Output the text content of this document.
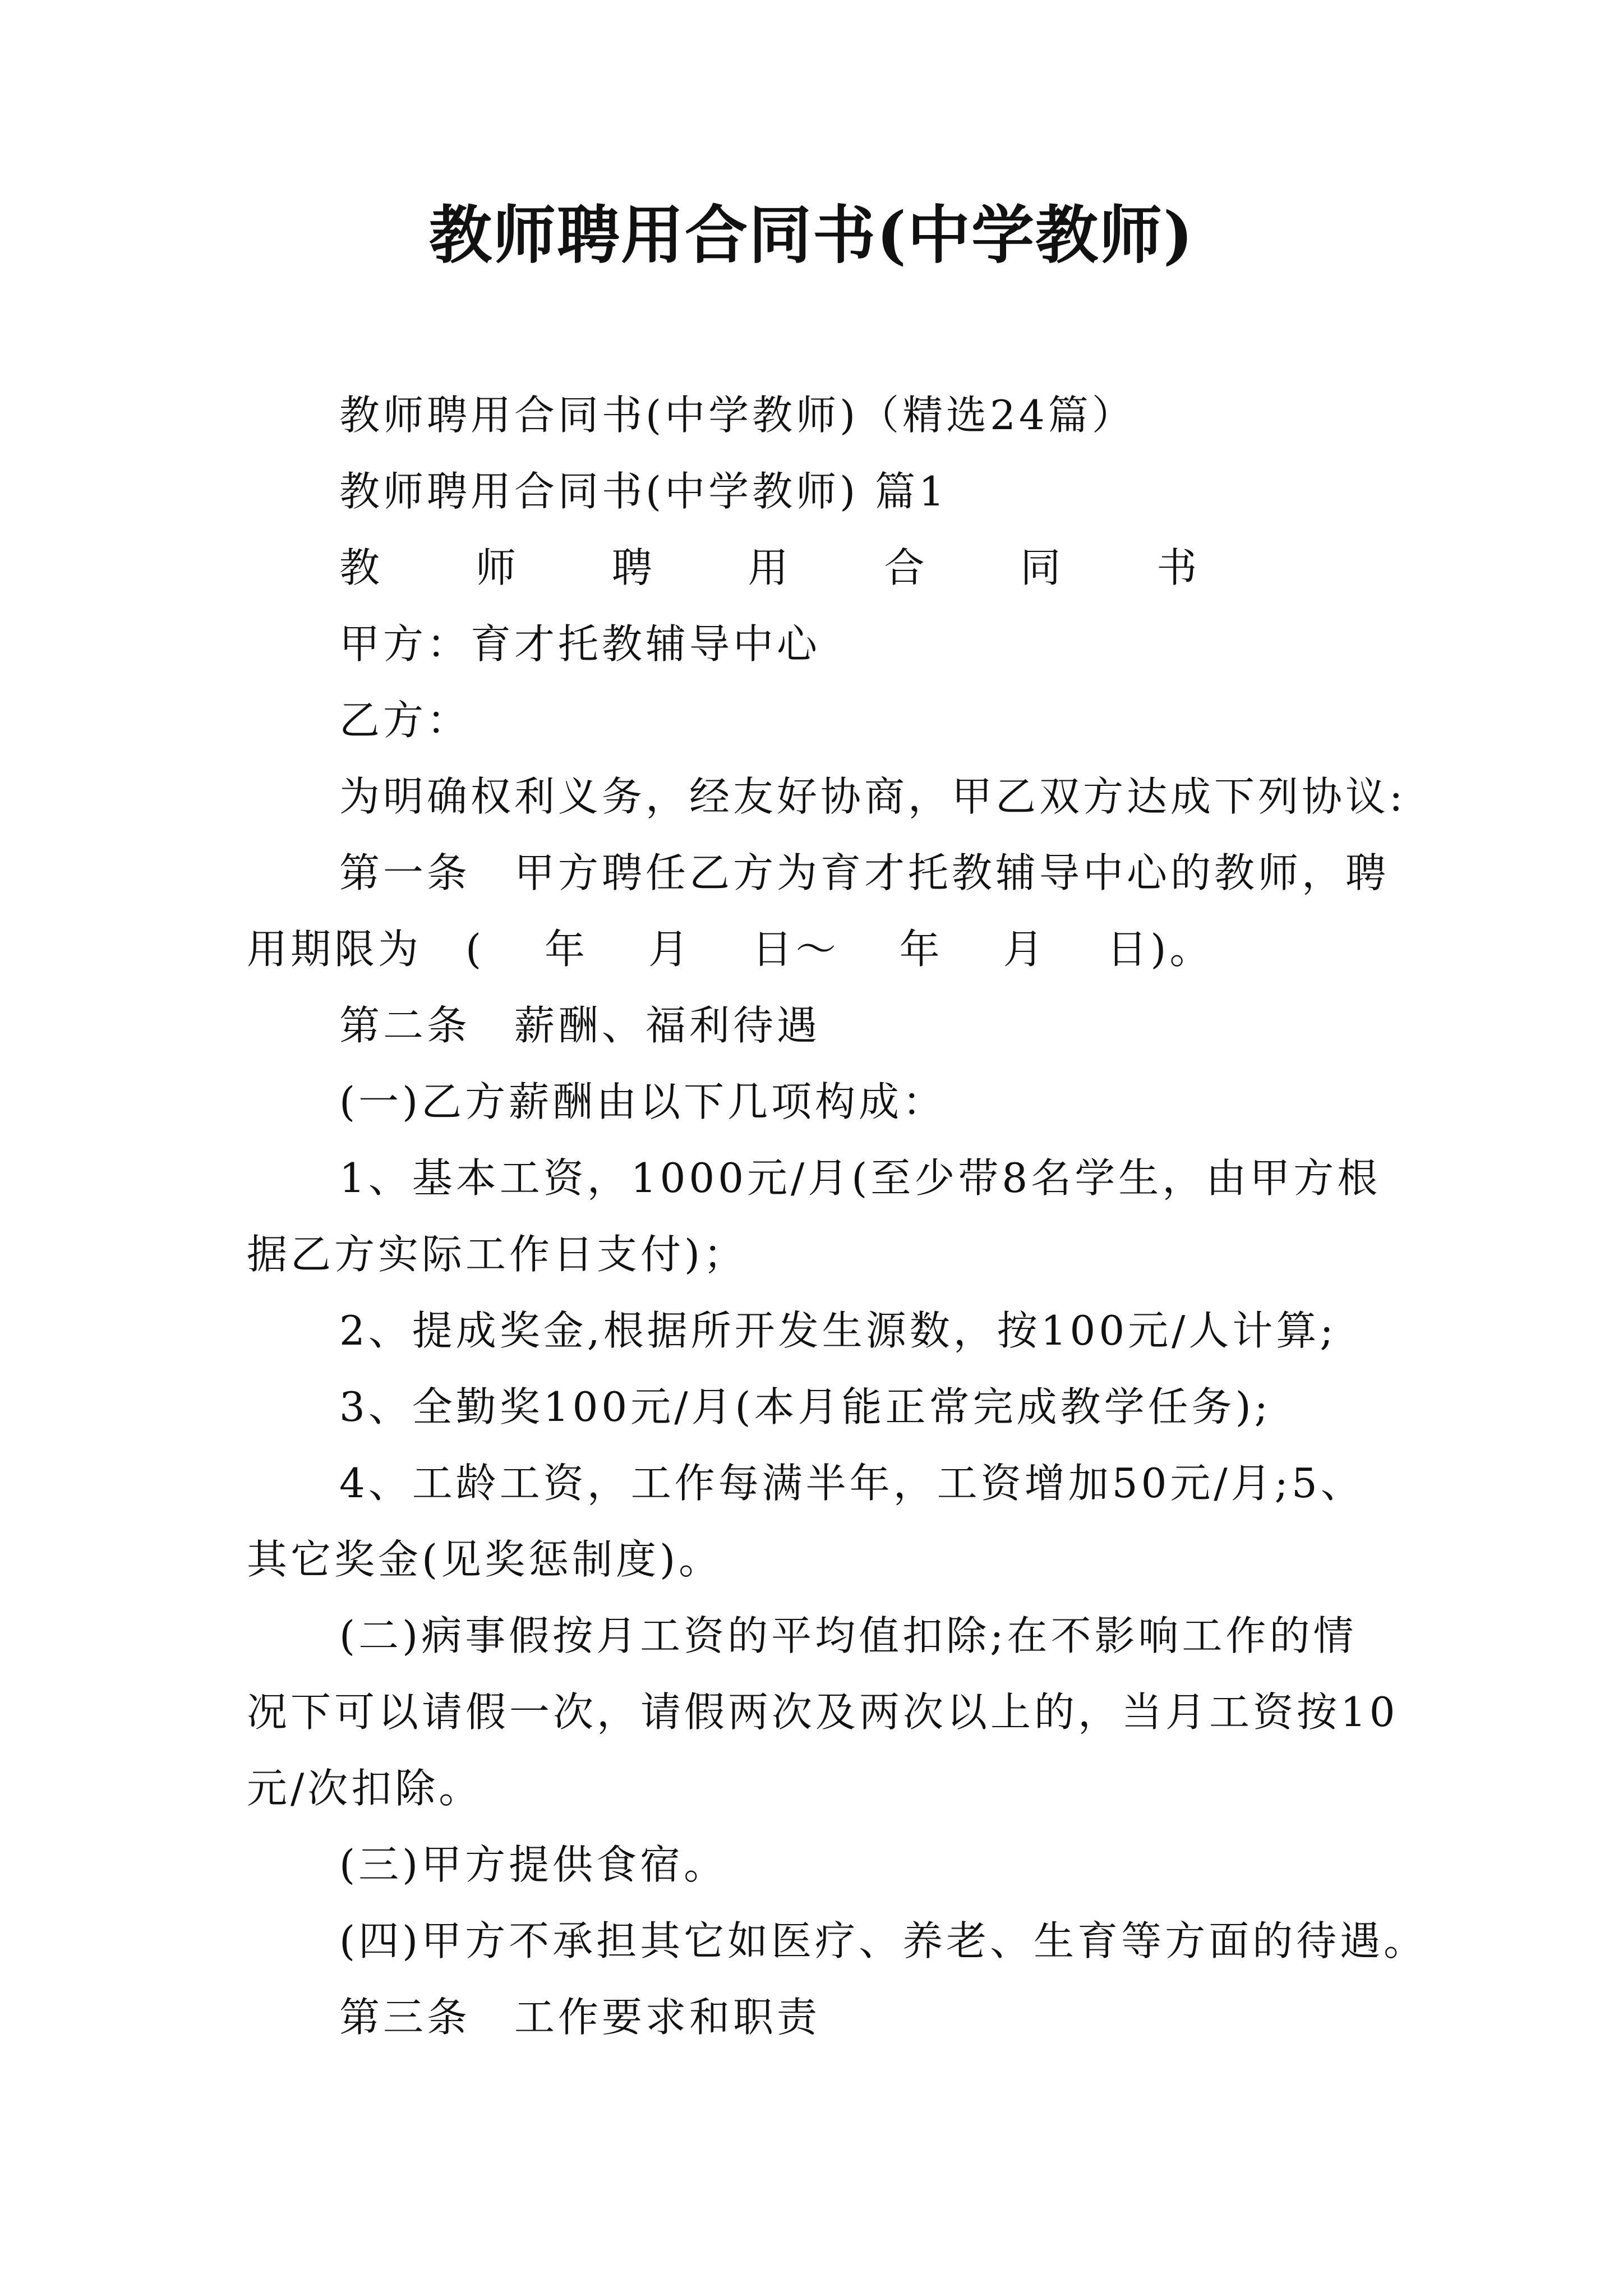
教师聘用合同书(中学教师)
教师聘用合同书(中学教师)（精选24篇）
教师聘用合同书(中学教师) 篇1
教 师 聘 用 合 同 书
甲方：育才托教辅导中心
乙方：
为明确权利义务，经友好协商，甲乙双方达成下列协议:
第一条　甲方聘任乙方为育才托教辅导中心的教师，聘
用期限为　(　 年　 月　 日～　 年　 月　 日)。
第二条　薪酬、福利待遇
(一)乙方薪酬由以下几项构成：
1、基本工资，1000元/月(至少带8名学生，由甲方根
据乙方实际工作日支付)；
2、提成奖金,根据所开发生源数，按100元/人计算;
3、全勤奖100元/月(本月能正常完成教学任务);
4、工龄工资，工作每满半年，工资增加50元/月;5、
其它奖金(见奖惩制度)。
(二)病事假按月工资的平均值扣除;在不影响工作的情
况下可以请假一次，请假两次及两次以上的，当月工资按10
元/次扣除。
(三)甲方提供食宿。
(四)甲方不承担其它如医疗、养老、生育等方面的待遇。
第三条　工作要求和职责
